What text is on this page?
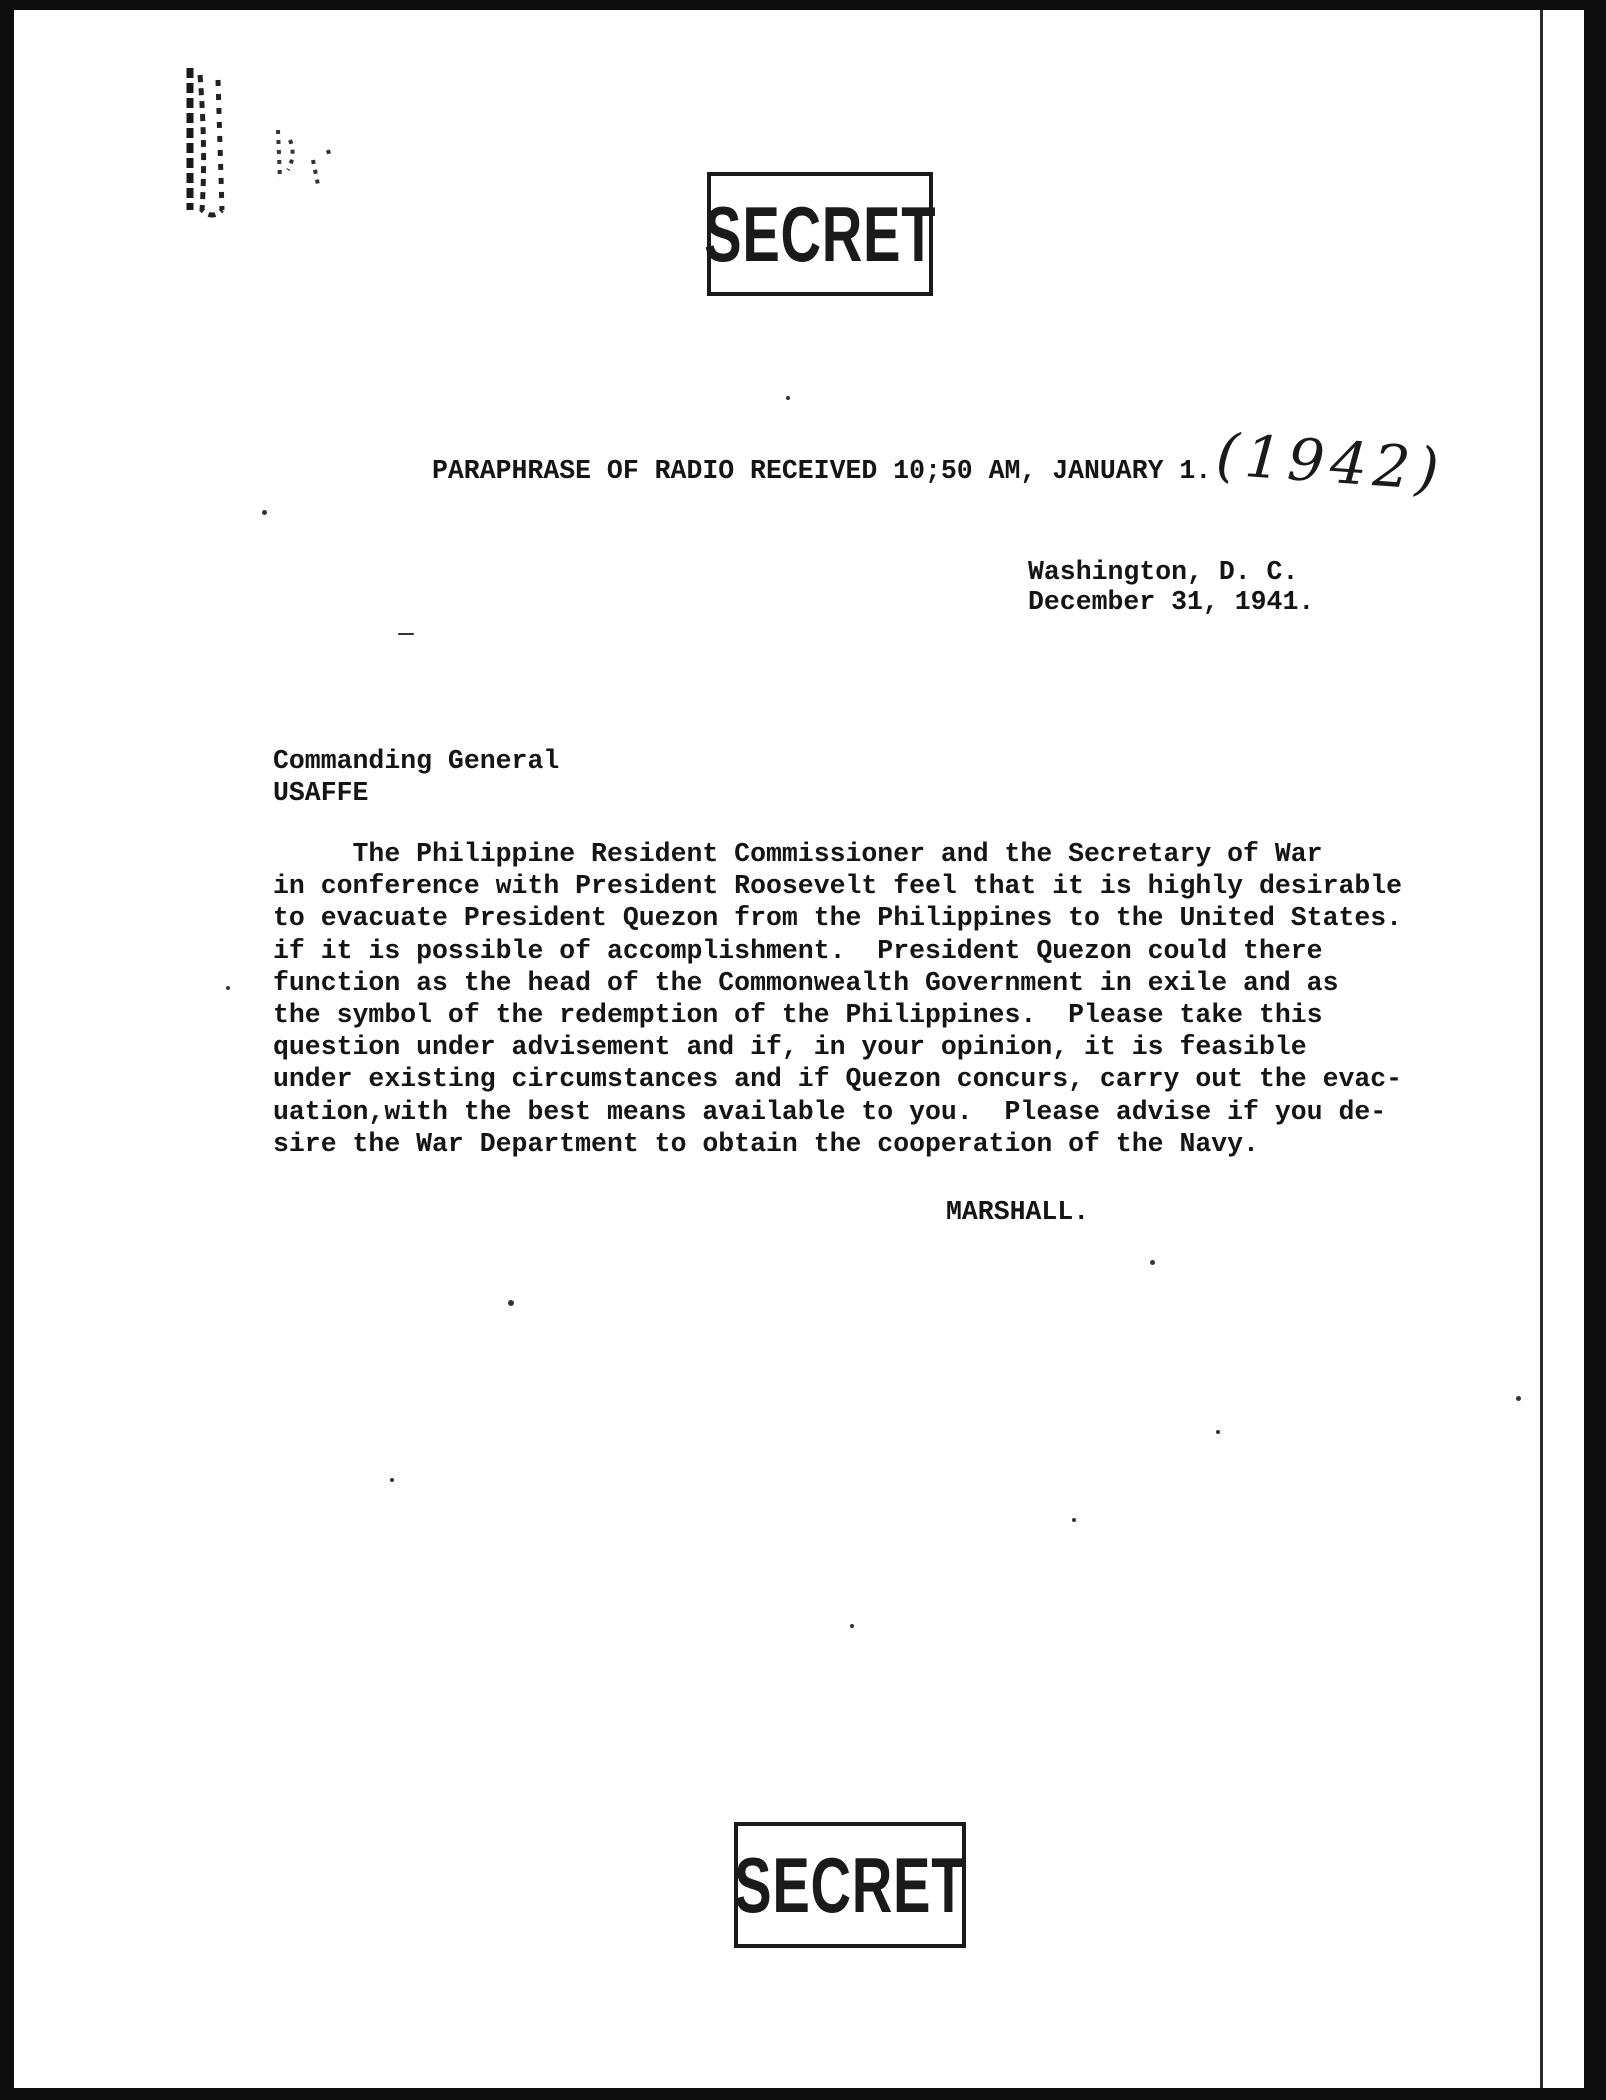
SECRET

PARAPHRASE OF RADIO RECEIVED 10;50 AM, JANUARY 1. (1942)

Washington, D. C.

December 31, 1941.

Commanding General

USAFFE

The Philippine Resident Commissioner and the Secretary of War
in conference with President Roosevelt feel that it is highly desirable
to evacuate President Quezon from the Philippines to the United States.
if it is possible of accomplishment.  President Quezon could there
function as the head of the Commonwealth Government in exile and as
the symbol of the redemption of the Philippines.  Please take this
question under advisement and if, in your opinion, it is feasible
under existing circumstances and if Quezon concurs, carry out the evac-
uation,with the best means available to you.  Please advise if you de-
sire the War Department to obtain the cooperation of the Navy.

MARSHALL.

SECRET
